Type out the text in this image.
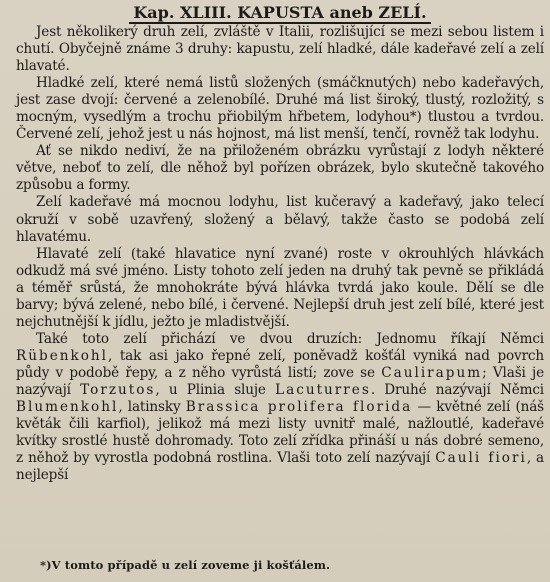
Kap. XLIII. KAPUSTA aneb ZELÍ.

Jest několikerý druh zelí, zvláště v Italii, rozlišující se mezi sebou listem i chutí. Obyčejně známe 3 druhy: kapustu, zelí hladké, dále kadeřavé zelí a zelí hlavaté.

Hladké zelí, které nemá listů složených (smáčknutých) nebo kadeřavých, jest zase dvojí: červené a zelenobílé. Druhé má list široký, tlustý, rozložitý, s mocným, vysedlým a trochu přiobilým hřbetem, lodyhou*) tlustou a tvrdou. Červené zelí, jehož jest u nás hojnost, má list menší, tenčí, rovněž tak lodyhu.

Ať se nikdo nediví, že na přiloženém obrázku vyrůstají z lodyh některé větve, neboť to zelí, dle něhož byl pořízen obrázek, bylo skutečně takového způsobu a formy.

Zelí kadeřavé má mocnou lodyhu, list kučeravý a kadeřavý, jako telecí okruží v sobě uzavřený, složený a bělavý, takže často se podobá zelí hlavatému.

Hlavaté zelí (také hlavatice nyní zvané) roste v okrouhlých hlávkách odkudž má své jméno. Listy tohoto zelí jeden na druhý tak pevně se přikládá a téměř srůstá, že mnohokráte bývá hlávka tvrdá jako koule. Dělí se dle barvy; bývá zelené, nebo bílé, i červené. Nejlepší druh jest zelí bílé, které jest nejchutnější k jídlu, ježto je mladistvější.

Také toto zelí přichází ve dvou druzích: Jednomu říkají Němci Rübenkohl, tak asi jako řepné zelí, poněvadž košťál vyniká nad povrch půdy v podobě řepy, a z něho vyrůstá listí; zove se Caulirapum; Vlaši je nazývají Torzutos, u Plinia sluje Lacuturres. Druhé nazývají Němci Blumenkohl, latinsky Brassica prolifera florida — květné zelí (náš květák čili karfiol), jelikož má mezi listy uvnitř malé, nažloutlé, kadeřavé kvítky srostlé hustě dohromady. Toto zelí zřídka přináší u nás dobré semeno, z něhož by vyrostla podobná rostlina. Vlaši toto zelí nazývají Cauli fiori, a nejlepší

*)V tomto případě u zelí zoveme ji košťálem.
